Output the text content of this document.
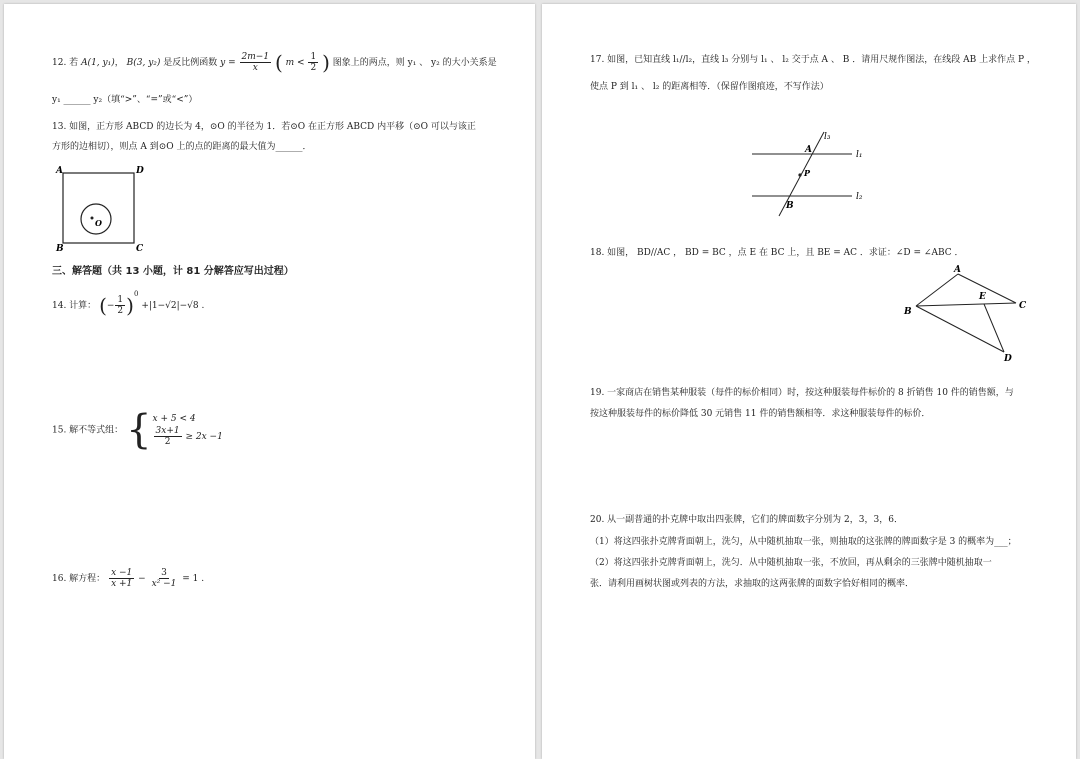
12. 若 A(1, y₁)， B(3, y₂) 是反比例函数 $y = \frac{2m-1}{x}$ ( $m < \frac{1}{2}$ ) 图象上的两点，则 y₁ 、 y₂ 的大小关系是
y₁ ______ y₂（填“>”、“=”或“<”）
13. 如图，正方形 ABCD 的边长为 4，⊙O 的半径为 1．若⊙O 在正方形 ABCD 内平移（⊙O 可以与该正
方形的边相切），则点 A 到⊙O 上的点的距离的最大值为______．
A	D
B	C
O
三、解答题（共 13 小题，计 81 分解答应写出过程）
14. 计算： (− $\frac{1}{2} )^0 +|1-√2|-√8$ .
15. 解不等式组： { x + 5 < 4
$\frac{3x+1}{2} \ge 2x -1$
16. 解方程： $\frac{x -1}{x +1} - \frac{3}{\text{x² −1}} = 1$ .
17. 如图，已知直线 l₁//l₂，直线 l₃ 分别与 l₁ 、 l₂ 交于点 A 、 B ．请用尺规作图法，在线段 AB 上求作点 P ，
使点 P 到 l₁ 、 l₂ 的距离相等．（保留作图痕迹，不写作法）
l₁
l₂
l₃
A
P
B
18. 如图， BD//AC ， BD = BC ，点 E 在 BC 上，且 BE = AC ．求证：∠D = ∠ABC ．
A
B
C
E
D
19. 一家商店在销售某种服装（每件的标价相同）时，按这种服装每件标价的 8 折销售 10 件的销售额，与
按这种服装每件的标价降低 30 元销售 11 件的销售额相等．求这种服装每件的标价．
20. 从一副普通的扑克牌中取出四张牌，它们的牌面数字分别为 2，3，3，6．
（1）将这四张扑克牌背面朝上，洗匀，从中随机抽取一张，则抽取的这张牌的牌面数字是 3 的概率为___；
（2）将这四张扑克牌背面朝上，洗匀．从中随机抽取一张，不放回，再从剩余的三张牌中随机抽取一
张．请利用画树状图或列表的方法，求抽取的这两张牌的面数字恰好相同的概率．
